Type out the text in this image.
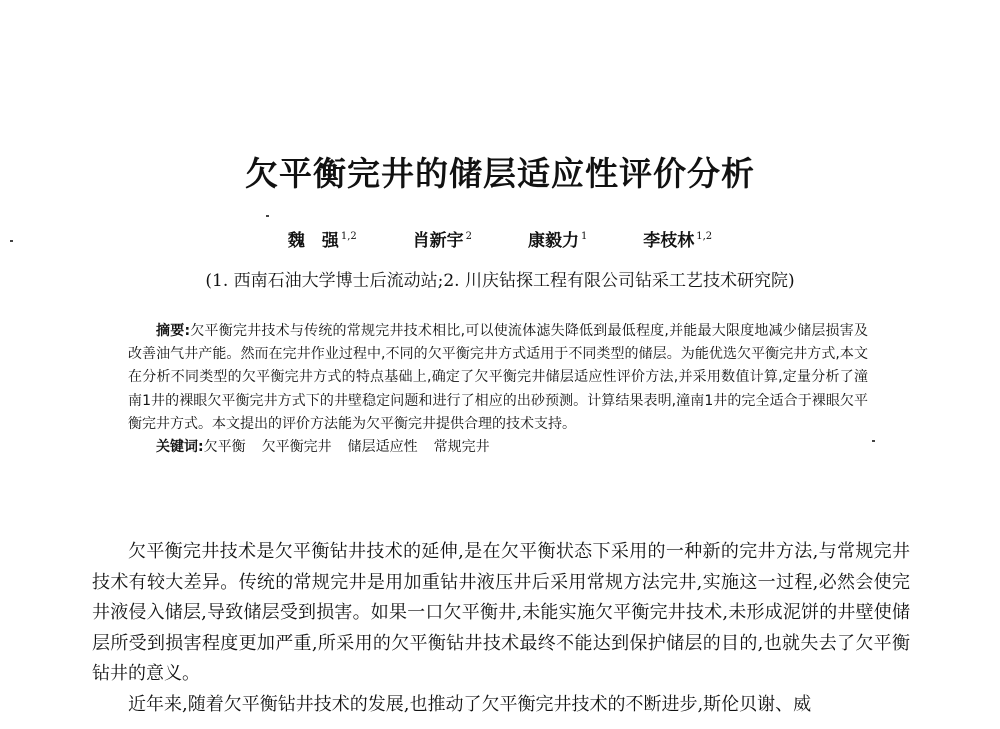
欠平衡完井的储层适应性评价分析
魏　强 $^{1,2}$	肖新宇 $^2$	康毅力 $^1$	李枝林 $^{1,2}$
(1. 西南石油大学博士后流动站;2. 川庆钻探工程有限公司钻采工艺技术研究院)

摘要:欠平衡完井技术与传统的常规完井技术相比,可以使流体滤失降低到最低程度,并能最大限度地减少储层损害及改善油气井产能。然而在完井作业过程中,不同的欠平衡完井方式适用于不同类型的储层。为能优选欠平衡完井方式,本文在分析不同类型的欠平衡完井方式的特点基础上,确定了欠平衡完井储层适应性评价方法,并采用数值计算,定量分析了潼南1井的裸眼欠平衡完井方式下的井壁稳定问题和进行了相应的出砂预测。计算结果表明,潼南1井的完全适合于裸眼欠平衡完井方式。本文提出的评价方法能为欠平衡完井提供合理的技术支持。

关键词:欠平衡 欠平衡完井 储层适应性 常规完井

欠平衡完井技术是欠平衡钻井技术的延伸,是在欠平衡状态下采用的一种新的完井方法,与常规完井技术有较大差异。传统的常规完井是用加重钻井液压井后采用常规方法完井,实施这一过程,必然会使完井液侵入储层,导致储层受到损害。如果一口欠平衡井,未能实施欠平衡完井技术,未形成泥饼的井壁使储层所受到损害程度更加严重,所采用的欠平衡钻井技术最终不能达到保护储层的目的,也就失去了欠平衡钻井的意义。

近年来,随着欠平衡钻井技术的发展,也推动了欠平衡完井技术的不断进步,斯伦贝谢、威
